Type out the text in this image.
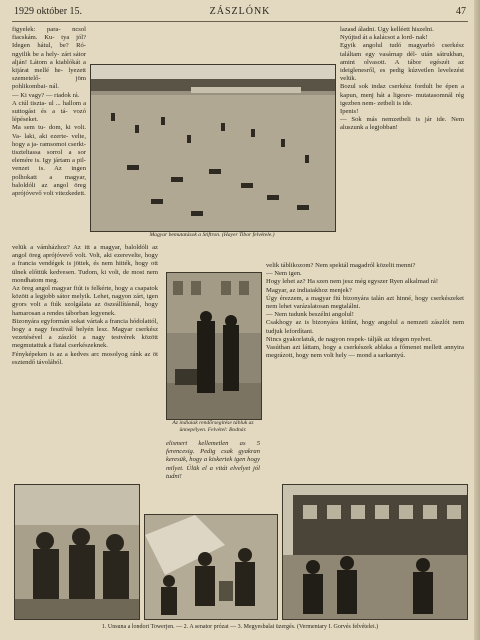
1929 október 15.	ZÁSZLÓNK	47

figyelek: para- ncsol fiacskám. Ku- tya jól? Idegen hátul, be? Ró- ngyilik be a hely- zárt sátor alján! Látom a kiablókát a kijárat mellé he- lyezett szemetelő- jöm pohlikombai- nál.

— Ki vagy? — riadok rá.

A ciúl tiszta- ul ... hallom a suttogást és a tá- vozó lépéseket.

Ma sem tu- dom, ki volt. Va- laki, aki ezerte- velte, hogy a ja- ramsomoi cserkt- tiszteltassa sorrol a sor elemére is. Igy jártam a pil- venzet is. Az ingen polhokatt a magyar, baloldóli az angol öreg aprójóvevő volt vitezkedett.

Magyar bemutatások a Stiftron. (Hayer Tibor felvétele.)

lazasd áladni. Úgy kelléett hiszelni.

Nyújtsd át a kalácsot a lord- nak!

Egyik angolul tudó magyarbó cserkész találtam egy vasárnap dél- után sátrukban, amint olvasott. A tábor egészét az ideiglenesről, es pedig kúzvetlen levelezést velük.

Bozul sok indaz cserkész fordult be épen a kapun, menj hát a ligesre- mutatasomnál rég igezben nem- zetbeli is ide.

Ipenis!

— Sok más nemzetbeli is jár ide. Nem aluszunk a legjobban!

velük a vámházhoz? Az itt a magyar, baloldóli az angol öreg aprójóvevő volt. Volt, aki ezerevelte, hogy a francia vendégek is jöttek, és nem hitték, hogy ott ülnek előttük kedvesen. Tudom, ki volt, de most nem mondhatom meg.

Az öreg angol magyar fiút is felkérte, hogy a csapatok között a legjobb sátor melyik. Lehet, nagyon zárt, igen gyors volt a fiúk szolgálata az öszeállításnál, hogy hamarosan a rendes táborban legyenek.

Bizonyára egyformán sokat vártak a francia hódolattól, hogy a nagy fesztivál helyén lesz. Magyar cserkész vezetésével a zászlót a nagy testvérek között megmutattuk a fiatal cserkészeknek.

Fényképeken is az a kedves arc mosolyog ránk az öt esztendő távolából.

Az indiaiak rendőrsegitése tábluk az ünnepélyen. Felvétel: Bodnár.

velik táblikozom? Nem spektál magadról közelit menni?

— Nem igen.

Hogy lehet az? Ha szen nem jesz még egyszer Ryen alkalmad rá!

Magyar, az indiaiakhoz menjek?

Úgy érezzem, a magyar fiú bizonyára talán azt hinné, hogy cserkészeket nem lehet varázslatosan megtalálni.

— Nem tudunk beszélni angolul!

Csakhogy az is bizonyára kitűnt, hogy angolul a nemzeti zászlót nem tudjuk lefordítani.

Nincs gyakorlatuk, de nagyon respek- tálják az idegen nyelvet.

Vasúthan azt láttam, hogy a cserkészek ablaka a főmenet mellett annyira megrázott, hogy nem volt hely — mond a sarkantyú.

elismert kellemetlen as 5 ferencesig. Pedig csak gyakran keresük, hogy a kiskertek igen hogy milyet. Ülük el a vitát elvelyet jól tudni!
1. Unsuna a londori Towerjen. — 2. A senator prózat — 3. Megyesbalai üzergés. (Vermentary I. Gorvés felvételei.)
